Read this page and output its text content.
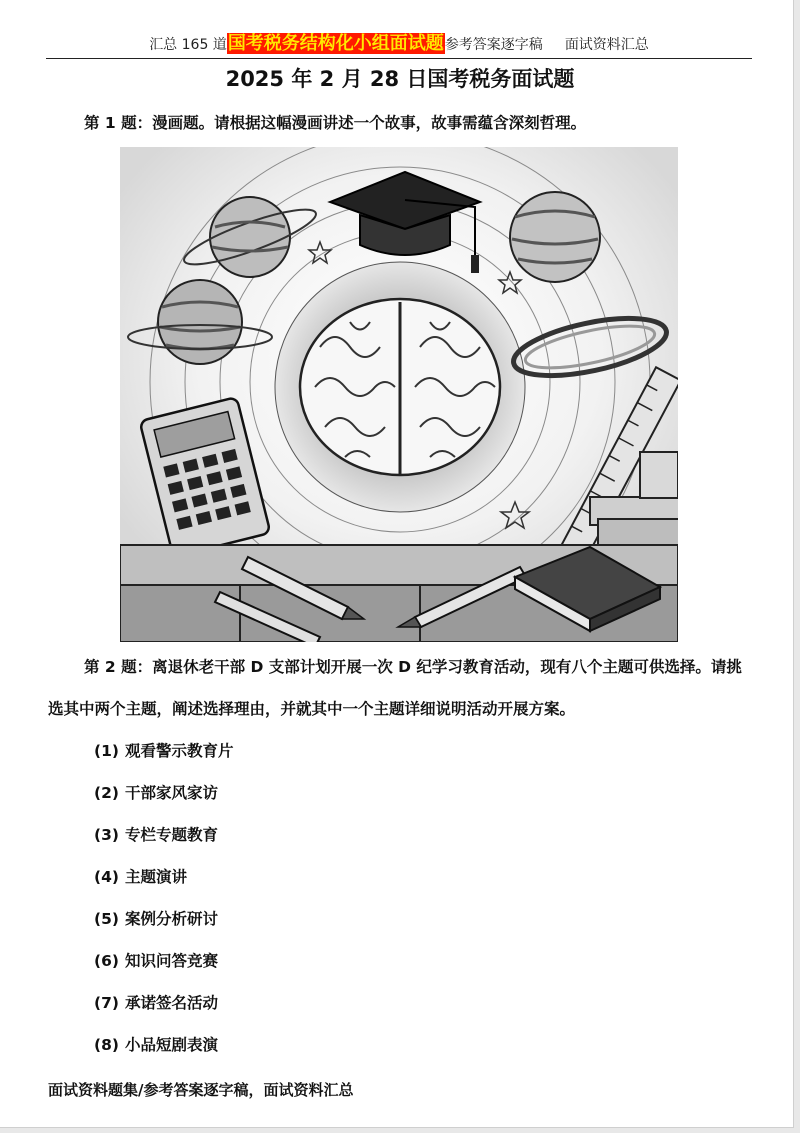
汇总 165 道国考税务结构化小组面试题参考答案逐字稿 面试资料汇总
2025 年 2 月 28 日国考税务面试题
第 1 题：漫画题。请根据这幅漫画讲述一个故事，故事需蕴含深刻哲理。
第 2 题：离退休老干部 D 支部计划开展一次 D 纪学习教育活动，现有八个主题可供选择。请挑选其中两个主题，阐述选择理由，并就其中一个主题详细说明活动开展方案。
(1) 观看警示教育片
(2) 干部家风家访
(3) 专栏专题教育
(4) 主题演讲
(5) 案例分析研讨
(6) 知识问答竞赛
(7) 承诺签名活动
(8) 小品短剧表演
面试资料题集/参考答案逐字稿，面试资料汇总
